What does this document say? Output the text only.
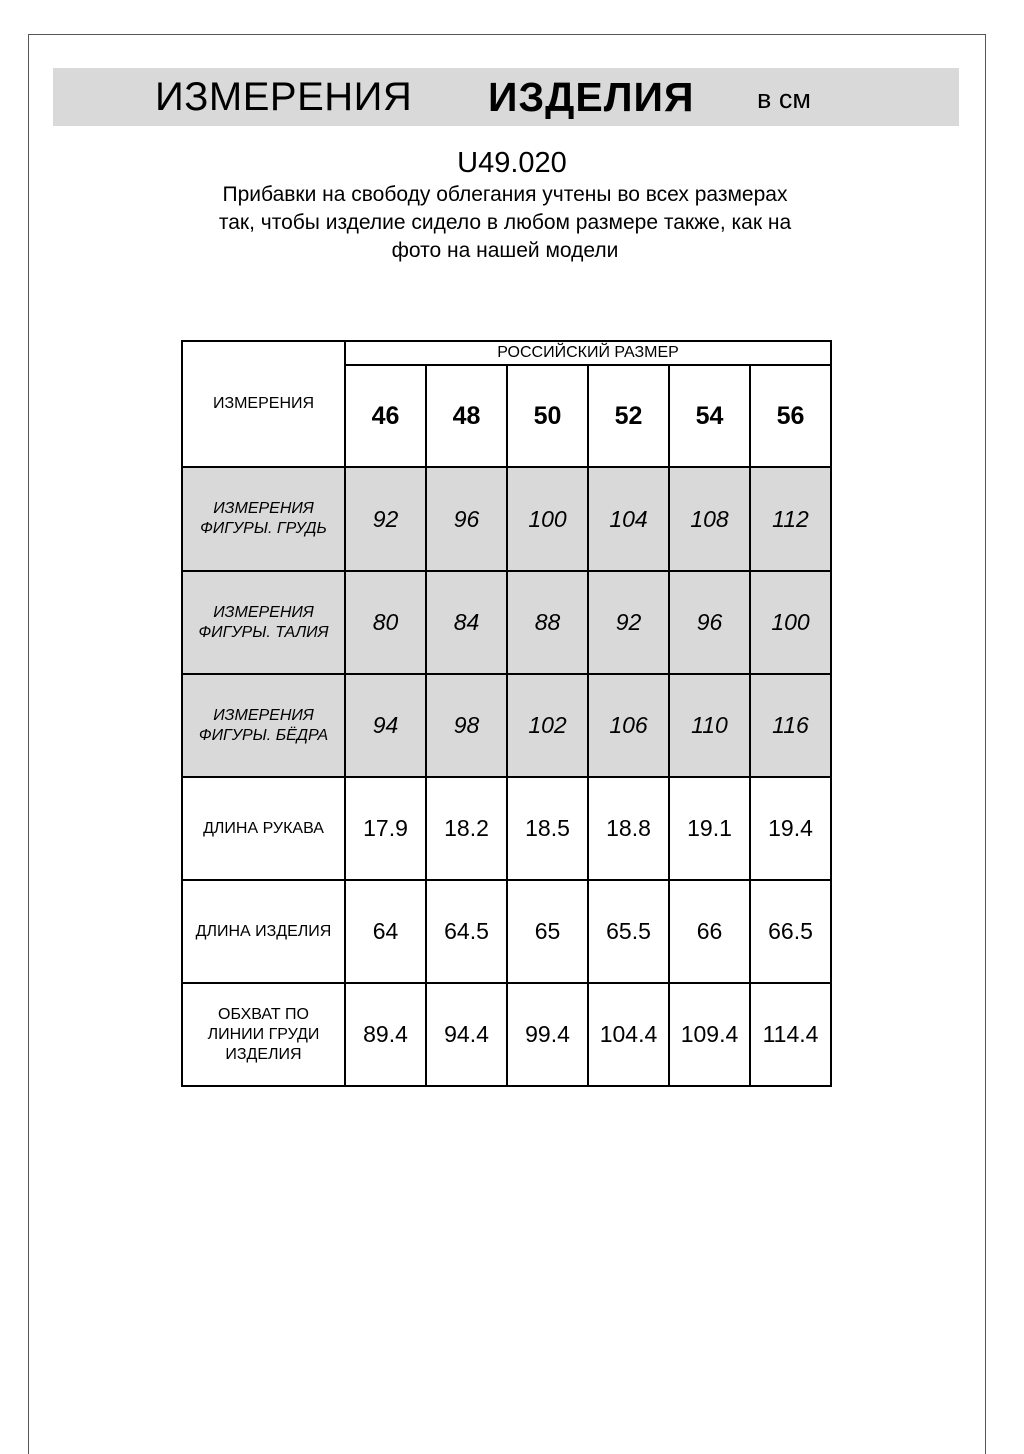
ИЗМЕРЕНИЯ ИЗДЕЛИЯ в см
U49.020
Прибавки на свободу облегания учтены во всех размерах
так, чтобы изделие сидело в любом размере также, как на
фото на нашей модели
ИЗМЕРЕНИЯ	РОССИЙСКИЙ РАЗМЕР					
	46	48	50	52	54	56

ИЗМЕРЕНИЯ
ФИГУРЫ. ГРУДЬ	92	96	100	104	108	112

ИЗМЕРЕНИЯ
ФИГУРЫ. ТАЛИЯ	80	84	88	92	96	100

ИЗМЕРЕНИЯ
ФИГУРЫ. БЁДРА	94	98	102	106	110	116

ДЛИНА РУКАВА	17.9	18.2	18.5	18.8	19.1	19.4

ДЛИНА ИЗДЕЛИЯ	64	64.5	65	65.5	66	66.5

ОБХВАТ ПО
ЛИНИИ ГРУДИ
ИЗДЕЛИЯ	89.4	94.4	99.4	104.4	109.4	114.4
